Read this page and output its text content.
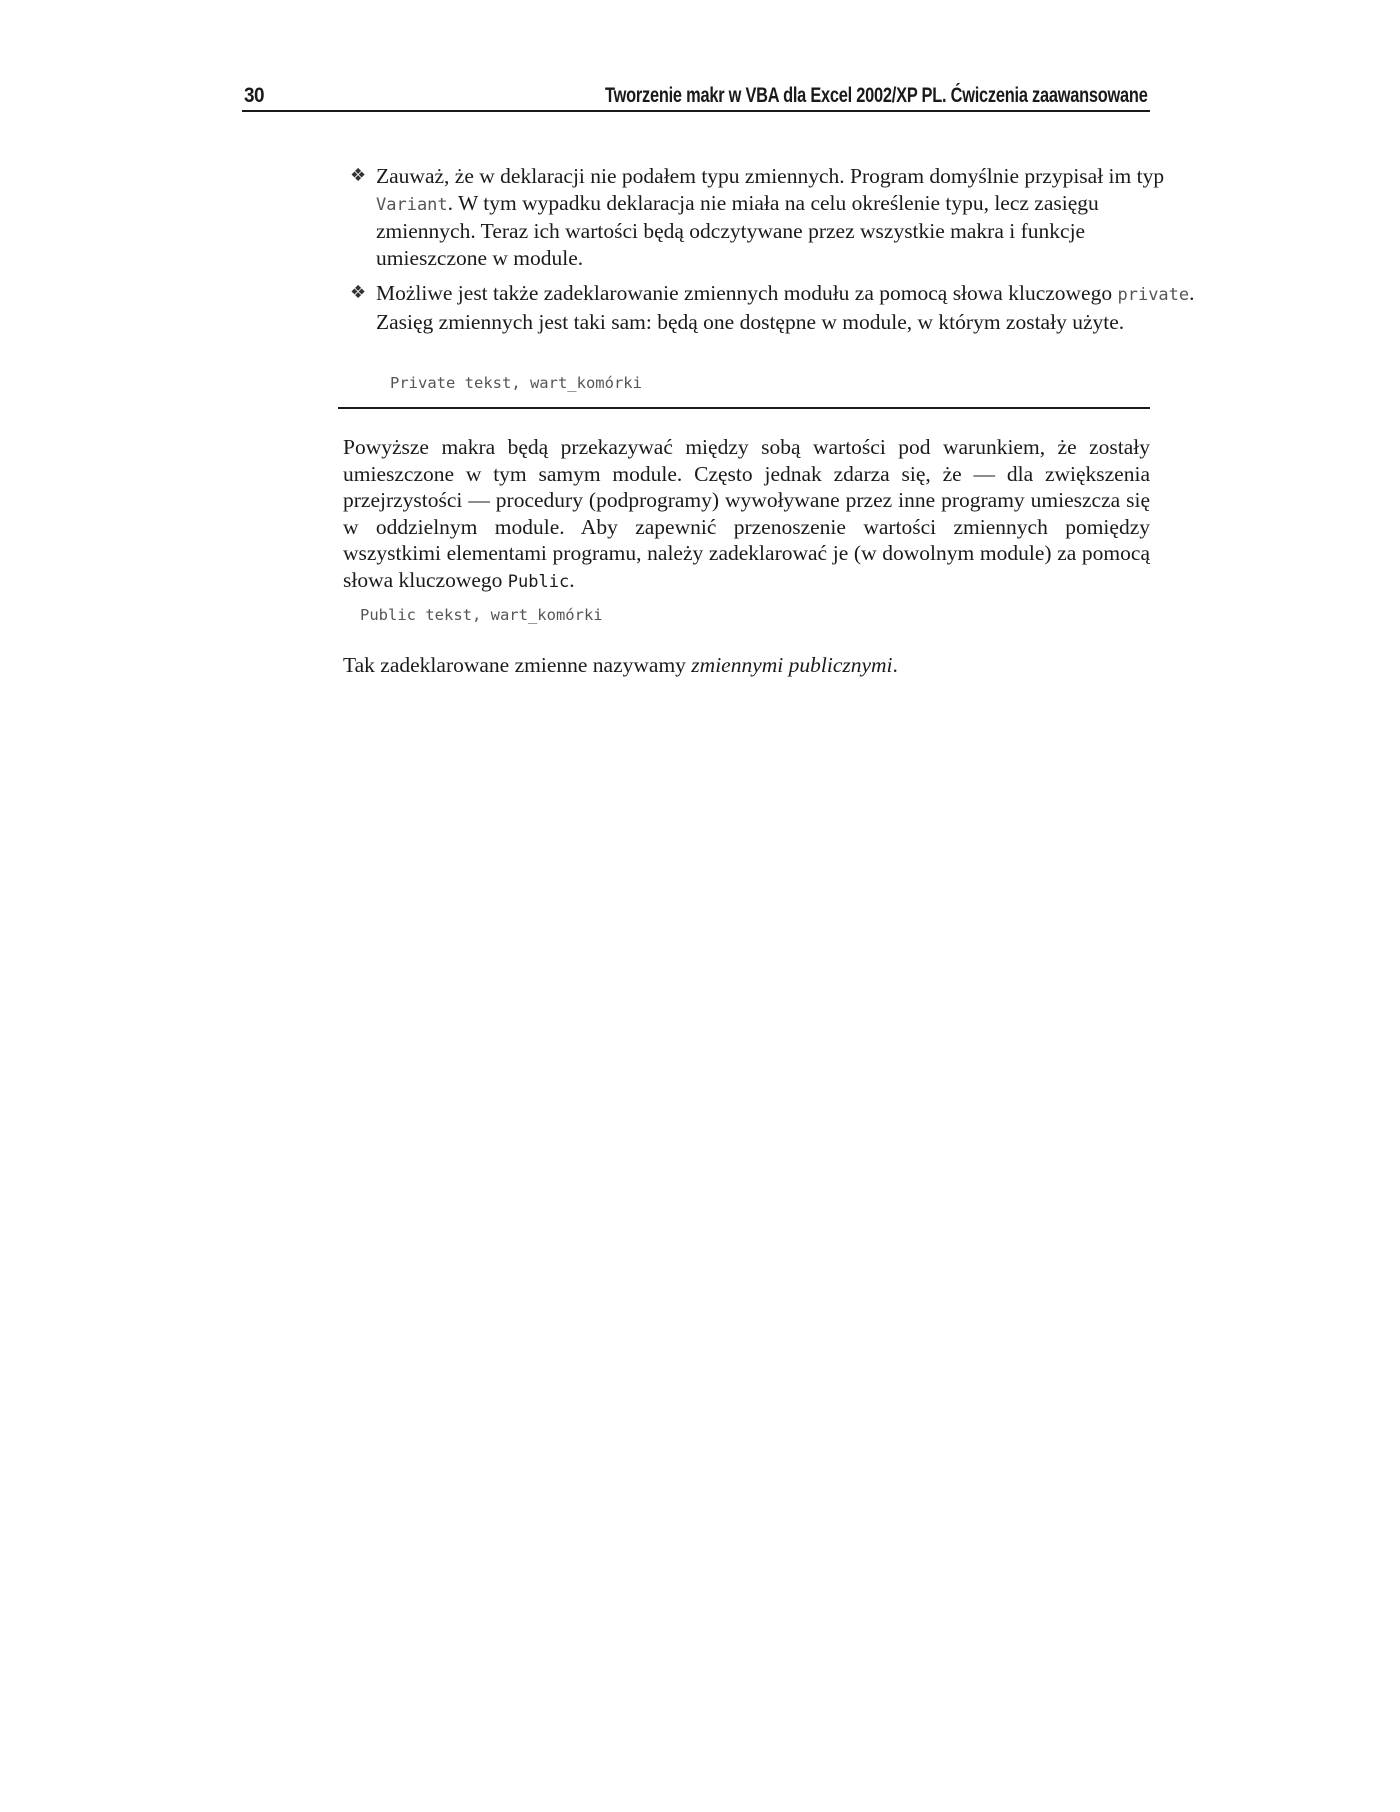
30	Tworzenie makr w VBA dla Excel 2002/XP PL. Ćwiczenia zaawansowane
❖ Zauważ, że w deklaracji nie podałem typu zmiennych. Program domyślnie przypisał im typ Variant. W tym wypadku deklaracja nie miała na celu określenie typu, lecz zasięgu zmiennych. Teraz ich wartości będą odczytywane przez wszystkie makra i funkcje umieszczone w module.
❖ Możliwe jest także zadeklarowanie zmiennych modułu za pomocą słowa kluczowego private. Zasięg zmiennych jest taki sam: będą one dostępne w module, w którym zostały użyte.
Private tekst, wart_komórki
Powyższe makra będą przekazywać między sobą wartości pod warunkiem, że zostały umieszczone w tym samym module. Często jednak zdarza się, że — dla zwiększenia przejrzystości — procedury (podprogramy) wywoływane przez inne programy umieszcza się w oddzielnym module. Aby zapewnić przenoszenie wartości zmiennych pomiędzy wszystkimi elementami programu, należy zadeklarować je (w dowolnym module) za pomocą słowa kluczowego Public.
Public tekst, wart_komórki
Tak zadeklarowane zmienne nazywamy zmiennymi publicznymi.
